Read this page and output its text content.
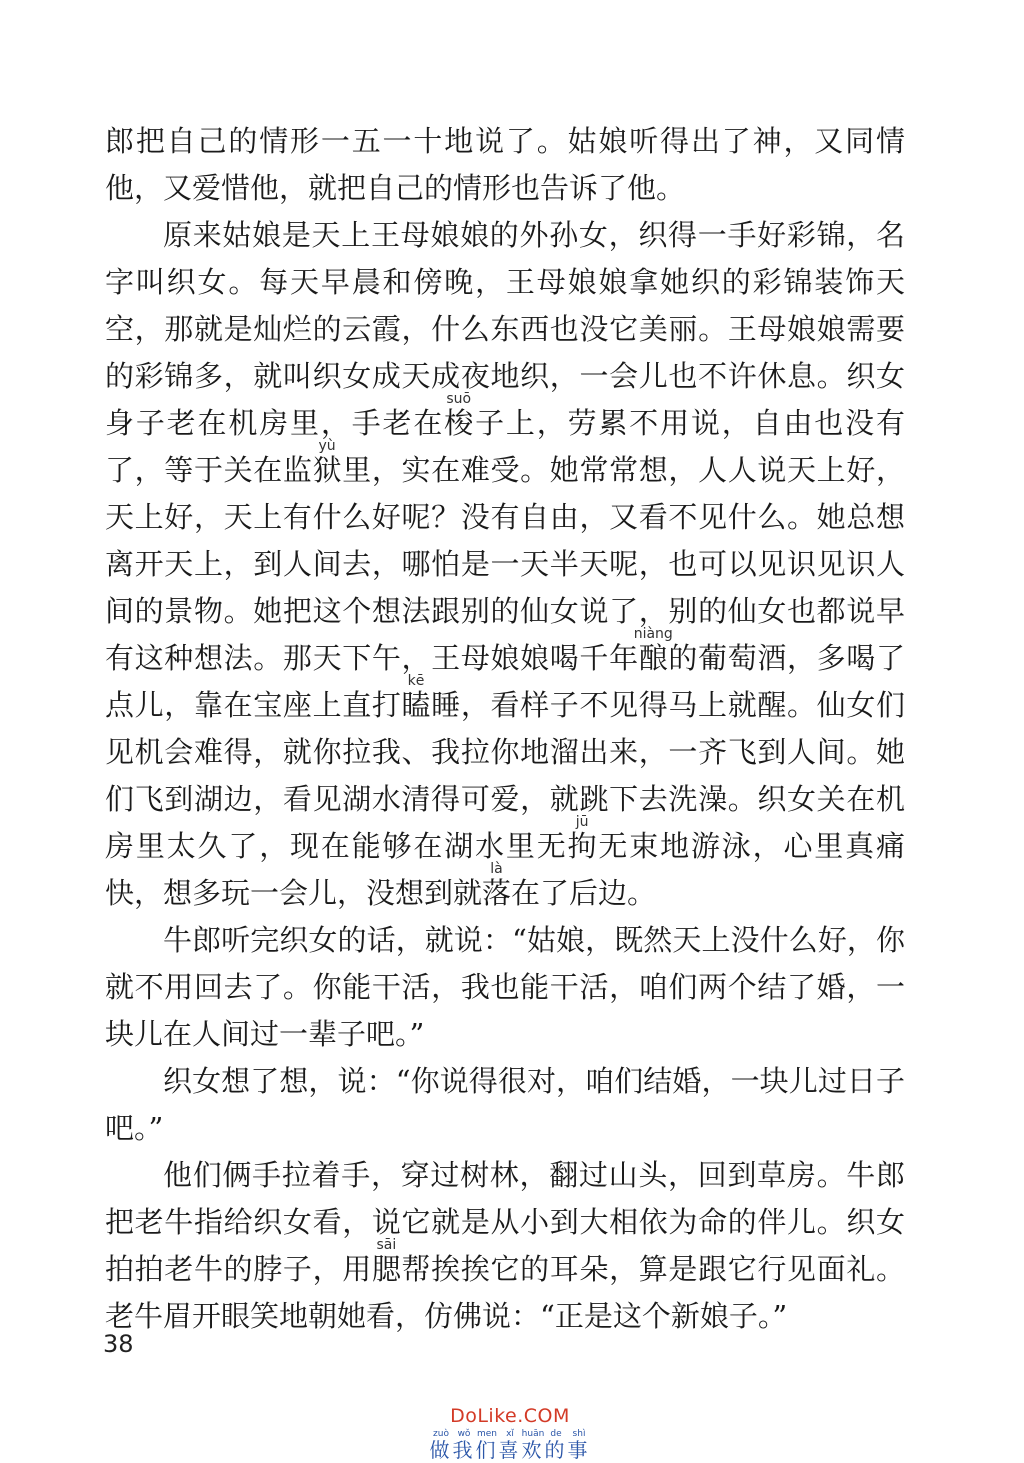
郎把自己的情形一五一十地说了。姑娘听得出了神，又同情他，又爱惜他，就把自己的情形也告诉了他。

原来姑娘是天上王母娘娘的外孙女，织得一手好彩锦，名字叫织女。每天早晨和傍晚，王母娘娘拿她织的彩锦装饰天空，那就是灿烂的云霞，什么东西也没它美丽。王母娘娘需要的彩锦多，就叫织女成天成夜地织，一会儿也不许休息。织女身子老在机房里，手老在梭suō子上，劳累不用说，自由也没有了，等于关在监狱yù里，实在难受。她常常想，人人说天上好，天上好，天上有什么好呢？没有自由，又看不见什么。她总想离开天上，到人间去，哪怕是一天半天呢，也可以见识见识人间的景物。她把这个想法跟别的仙女说了，别的仙女也都说早有这种想法。那天下午，王母娘娘喝千年酿niàng的葡萄酒，多喝了点儿，靠在宝座上直打瞌kē睡，看样子不见得马上就醒。仙女们见机会难得，就你拉我、我拉你地溜出来，一齐飞到人间。她们飞到湖边，看见湖水清得可爱，就跳下去洗澡。织女关在机房里太久了，现在能够在湖水里无拘jū无束地游泳，心里真痛快，想多玩一会儿，没想到就落là在了后边。

牛郎听完织女的话，就说：“姑娘，既然天上没什么好，你就不用回去了。你能干活，我也能干活，咱们两个结了婚，一块儿在人间过一辈子吧。”

织女想了想，说：“你说得很对，咱们结婚，一块儿过日子吧。”

他们俩手拉着手，穿过树林，翻过山头，回到草房。牛郎把老牛指给织女看，说它就是从小到大相依为命的伴儿。织女拍拍老牛的脖子，用腮sāi帮挨挨它的耳朵，算是跟它行见面礼。老牛眉开眼笑地朝她看，仿佛说：“正是这个新娘子。”

38
DoLike.COM
做zuò我wǒ们men喜xǐ欢huān的de事shì
